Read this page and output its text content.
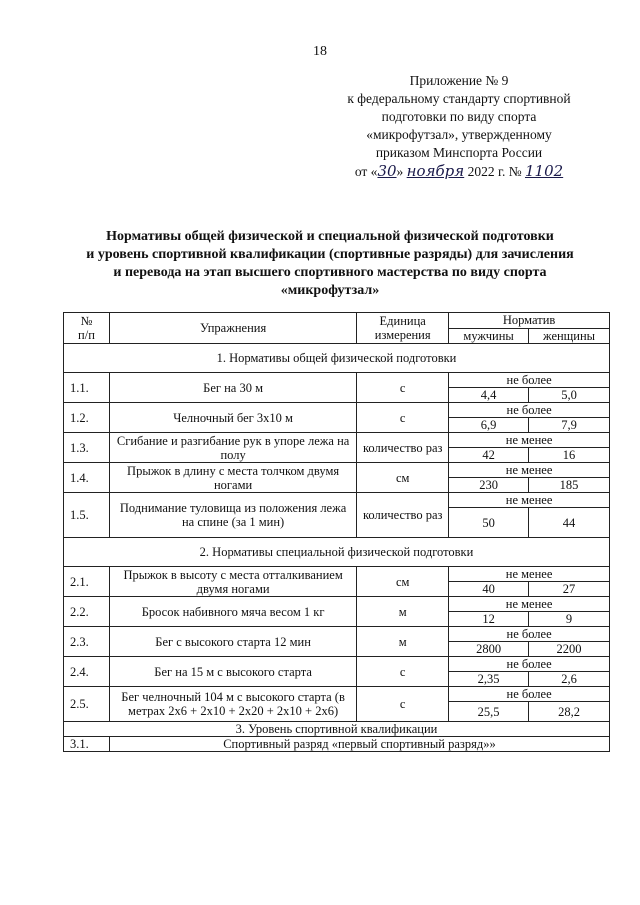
18
Приложение № 9
к федеральному стандарту спортивной
подготовки по виду спорта
«микрофутзал», утвержденному
приказом Минспорта России
от «30» ноября 2022 г. № 1102
Нормативы общей физической и специальной физической подготовки
и уровень спортивной квалификации (спортивные разряды) для зачисления
и перевода на этап высшего спортивного мастерства по виду спорта
«микрофутзал»
№
п/п	Упражнения	Единица измерения	Норматив	
			мужчины	женщины
1. Нормативы общей физической подготовки				
1.1.	Бег на 30 м	с	не более	
			4,4	5,0
1.2.	Челночный бег 3x10 м	с	не более	
			6,9	7,9
1.3.	Сгибание и разгибание рук в упоре лежа на полу	количество раз	не менее	
			42	16
1.4.	Прыжок в длину с места толчком двумя ногами	см	не менее	
			230	185
1.5.	Поднимание туловища из положения лежа на спине (за 1 мин)	количество раз	не менее	
			50	44
2. Нормативы специальной физической подготовки				
2.1.	Прыжок в высоту с места отталкиванием двумя ногами	см	не менее	
			40	27
2.2.	Бросок набивного мяча весом 1 кг	м	не менее	
			12	9
2.3.	Бег с высокого старта 12 мин	м	не более	
			2800	2200
2.4.	Бег на 15 м с высокого старта	с	не более	
			2,35	2,6
2.5.	Бег челночный 104 м с высокого старта (в метрах 2x6 + 2x10 + 2x20 + 2x10 + 2x6)	с	не более	
			25,5	28,2
3. Уровень спортивной квалификации				
3.1.	Спортивный разряд «первый спортивный разряд»»			
